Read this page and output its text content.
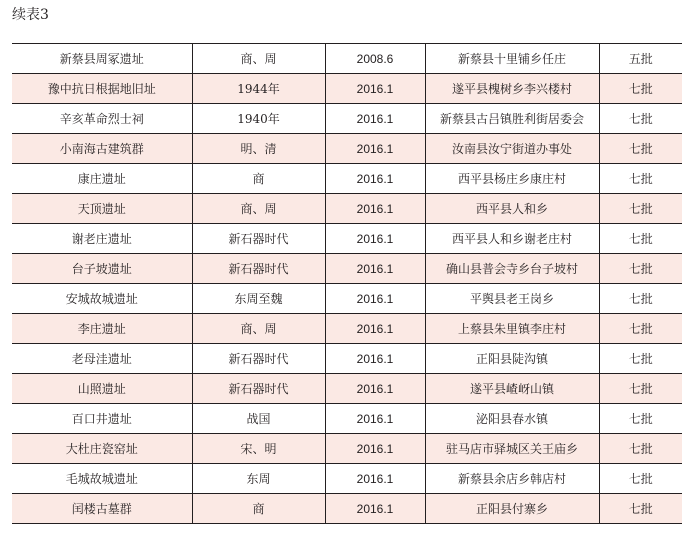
续表3
新蔡县周冢遗址	商、周	2008.6	新蔡县十里铺乡任庄	五批
豫中抗日根据地旧址	1944年	2016.1	遂平县槐树乡李兴楼村	七批
辛亥革命烈士祠	1940年	2016.1	新蔡县古吕镇胜利街居委会	七批
小南海古建筑群	明、清	2016.1	汝南县汝宁街道办事处	七批
康庄遗址	商	2016.1	西平县杨庄乡康庄村	七批
天顶遗址	商、周	2016.1	西平县人和乡	七批
谢老庄遗址	新石器时代	2016.1	西平县人和乡谢老庄村	七批
台子坡遗址	新石器时代	2016.1	确山县普会寺乡台子坡村	七批
安城故城遗址	东周至魏	2016.1	平舆县老王岗乡	七批
李庄遗址	商、周	2016.1	上蔡县朱里镇李庄村	七批
老母洼遗址	新石器时代	2016.1	正阳县陡沟镇	七批
山照遗址	新石器时代	2016.1	遂平县嵖岈山镇	七批
百口井遗址	战国	2016.1	泌阳县春水镇	七批
大杜庄瓷窑址	宋、明	2016.1	驻马店市驿城区关王庙乡	七批
毛城故城遗址	东周	2016.1	新蔡县余店乡韩店村	七批
闰楼古墓群	商	2016.1	正阳县付寨乡	七批
